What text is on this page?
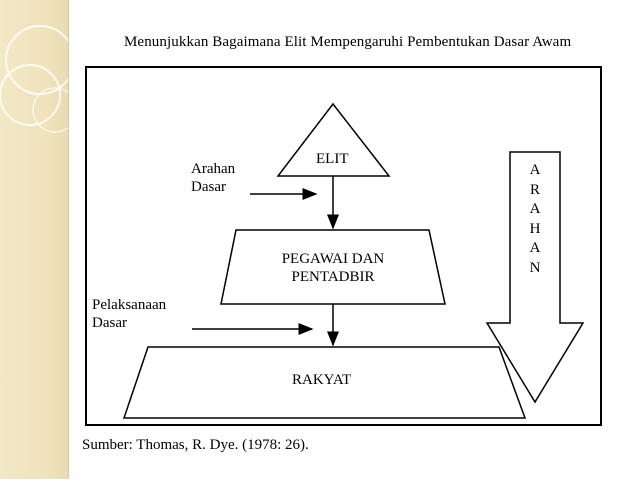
Menunjukkan Bagaimana Elit Mempengaruhi Pembentukan Dasar Awam
ELIT
PEGAWAI DAN
PENTADBIR
RAKYAT
Arahan
Dasar
Pelaksanaan
Dasar
A
R
A
H
A
N
Sumber: Thomas, R. Dye. (1978: 26).
